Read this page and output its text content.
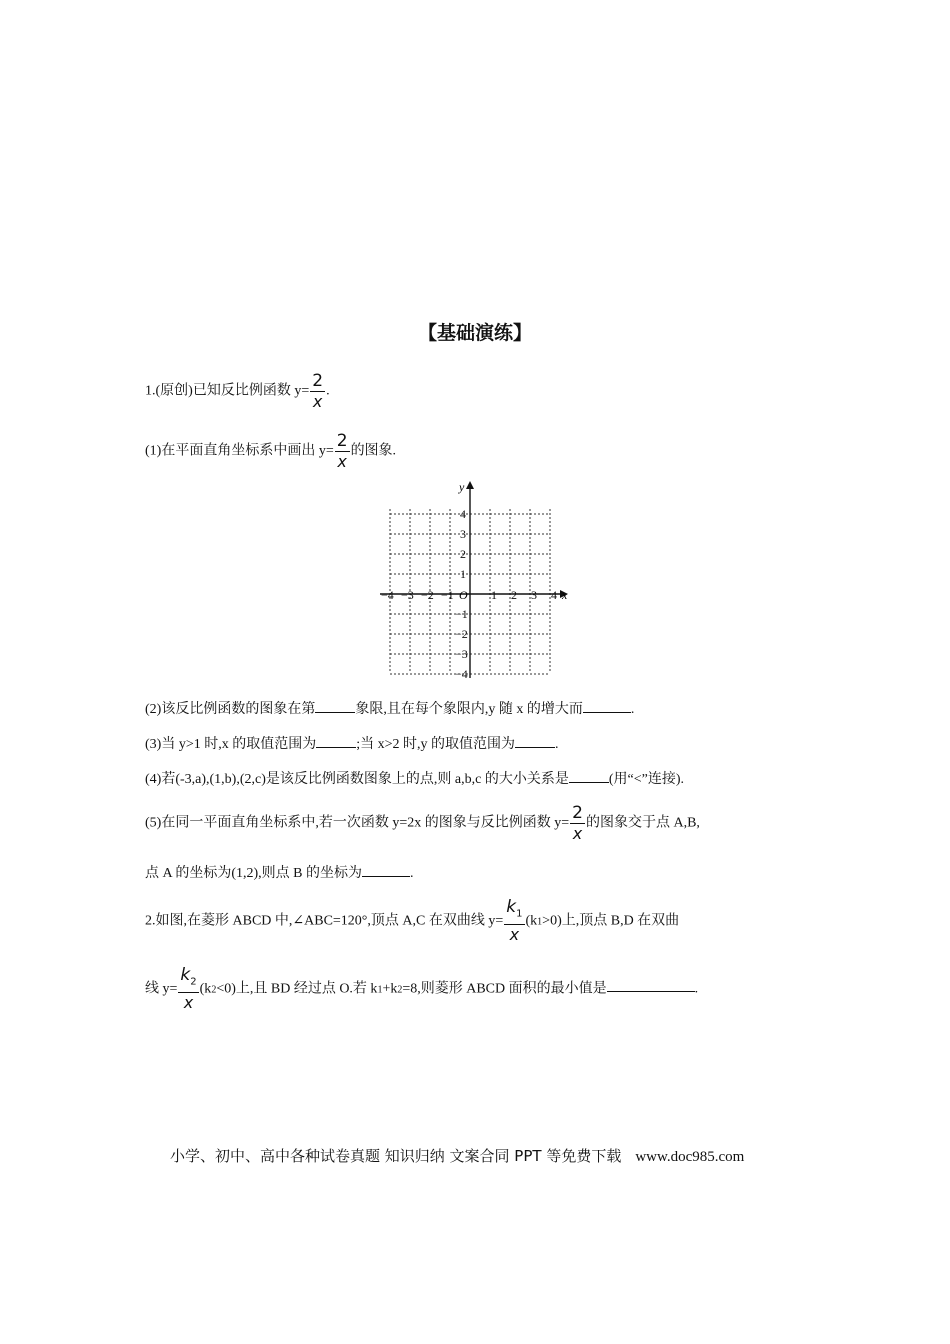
【基础演练】
1.(原创)已知反比例函数 $y= \frac{2}{x}$ .
(1)在平面直角坐标系中画出 $y= \frac{2}{x}$ 的图象.
x
y
O
−4 −3 −2 −1	1 2 3 4
4
3
2
1
−1
−2
−3
−4
(2)该反比例函数的图象在第	象限,且在每个象限内,y 随 x 的增大而	.
(3)当 y>1 时,x 的取值范围为	;当 x>2 时,y 的取值范围为	.
(4)若(-3,a),(1,b),(2,c)是该反比例函数图象上的点,则 a,b,c 的大小关系是	(用“<”连接).
(5)在同一平面直角坐标系中,若一次函数 y=2x 的图象与反比例函数 $y= \frac{2}{x}$ 的图象交于点 A,B,
点 A 的坐标为(1,2),则点 B 的坐标为	.
2.如图,在菱形 ABCD 中,∠ABC=120°,顶点 A,C 在双曲线 $y= \frac{k_1}{x} (k1>0)$上,顶点 B,D 在双曲
线 $y= \frac{k_2}{x} (k2<0)$上,且 BD 经过点 O.若 k1+k2=8,则菱形 ABCD 面积的最小值是	.
小学、初中、高中各种试卷真题 知识归纳 文案合同 PPT 等免费下载 www.doc985.com
